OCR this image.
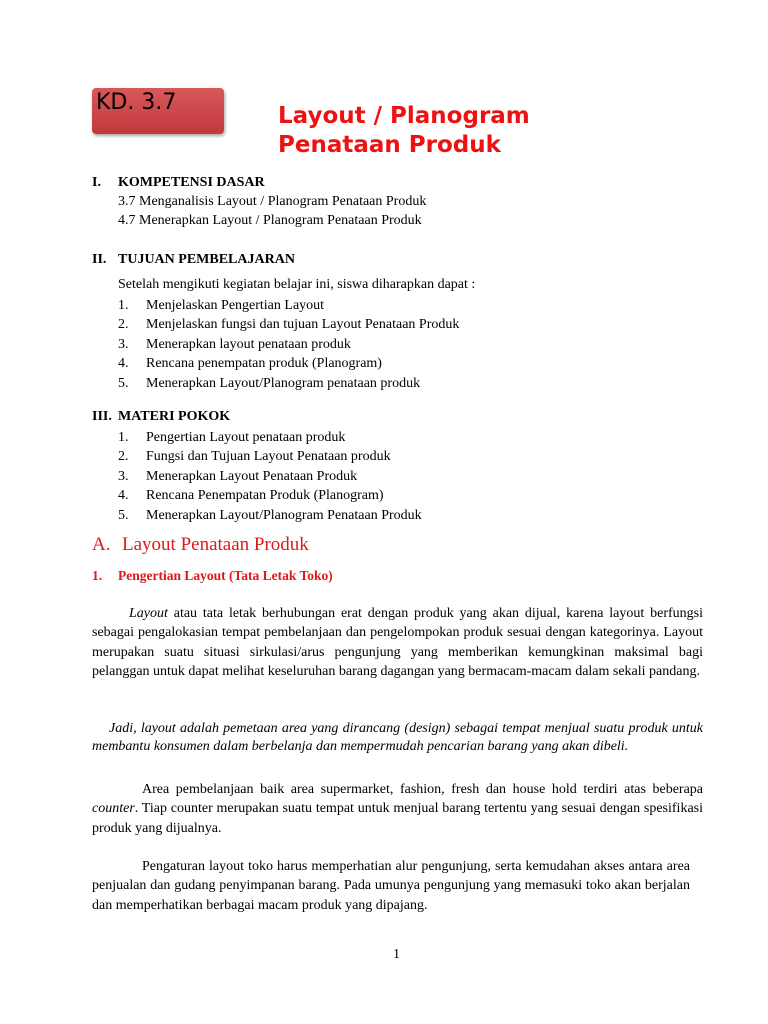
KD. 3.7
Layout / Planogram
Penataan Produk
I. KOMPETENSI DASAR
3.7 Menganalisis Layout / Planogram Penataan Produk
4.7 Menerapkan Layout / Planogram Penataan Produk
II. TUJUAN PEMBELAJARAN
Setelah mengikuti kegiatan belajar ini, siswa diharapkan dapat :
1. Menjelaskan Pengertian Layout
2. Menjelaskan fungsi dan tujuan Layout Penataan Produk
3. Menerapkan layout penataan produk
4. Rencana penempatan produk (Planogram)
5. Menerapkan Layout/Planogram penataan produk
III. MATERI POKOK
1. Pengertian Layout penataan produk
2. Fungsi dan Tujuan Layout Penataan produk
3. Menerapkan Layout Penataan Produk
4. Rencana Penempatan Produk (Planogram)
5. Menerapkan Layout/Planogram Penataan Produk
A. Layout Penataan Produk
1. Pengertian Layout (Tata Letak Toko)

Layout atau tata letak berhubungan erat dengan produk yang akan dijual, karena layout berfungsi sebagai pengalokasian tempat pembelanjaan dan pengelompokan produk sesuai dengan kategorinya. Layout merupakan suatu situasi sirkulasi/arus pengunjung yang memberikan kemungkinan maksimal bagi pelanggan untuk dapat melihat keseluruhan barang dagangan yang bermacam-macam dalam sekali pandang.

Jadi, layout adalah pemetaan area yang dirancang (design) sebagai tempat menjual suatu produk untuk membantu konsumen dalam berbelanja dan mempermudah pencarian barang yang akan dibeli.

Area pembelanjaan baik area supermarket, fashion, fresh dan house hold terdiri atas beberapa counter. Tiap counter merupakan suatu tempat untuk menjual barang tertentu yang sesuai dengan spesifikasi produk yang dijualnya.

Pengaturan layout toko harus memperhatian alur pengunjung, serta kemudahan akses antara area penjualan dan gudang penyimpanan barang. Pada umunya pengunjung yang memasuki toko akan berjalan dan memperhatikan berbagai macam produk yang dipajang.

1
